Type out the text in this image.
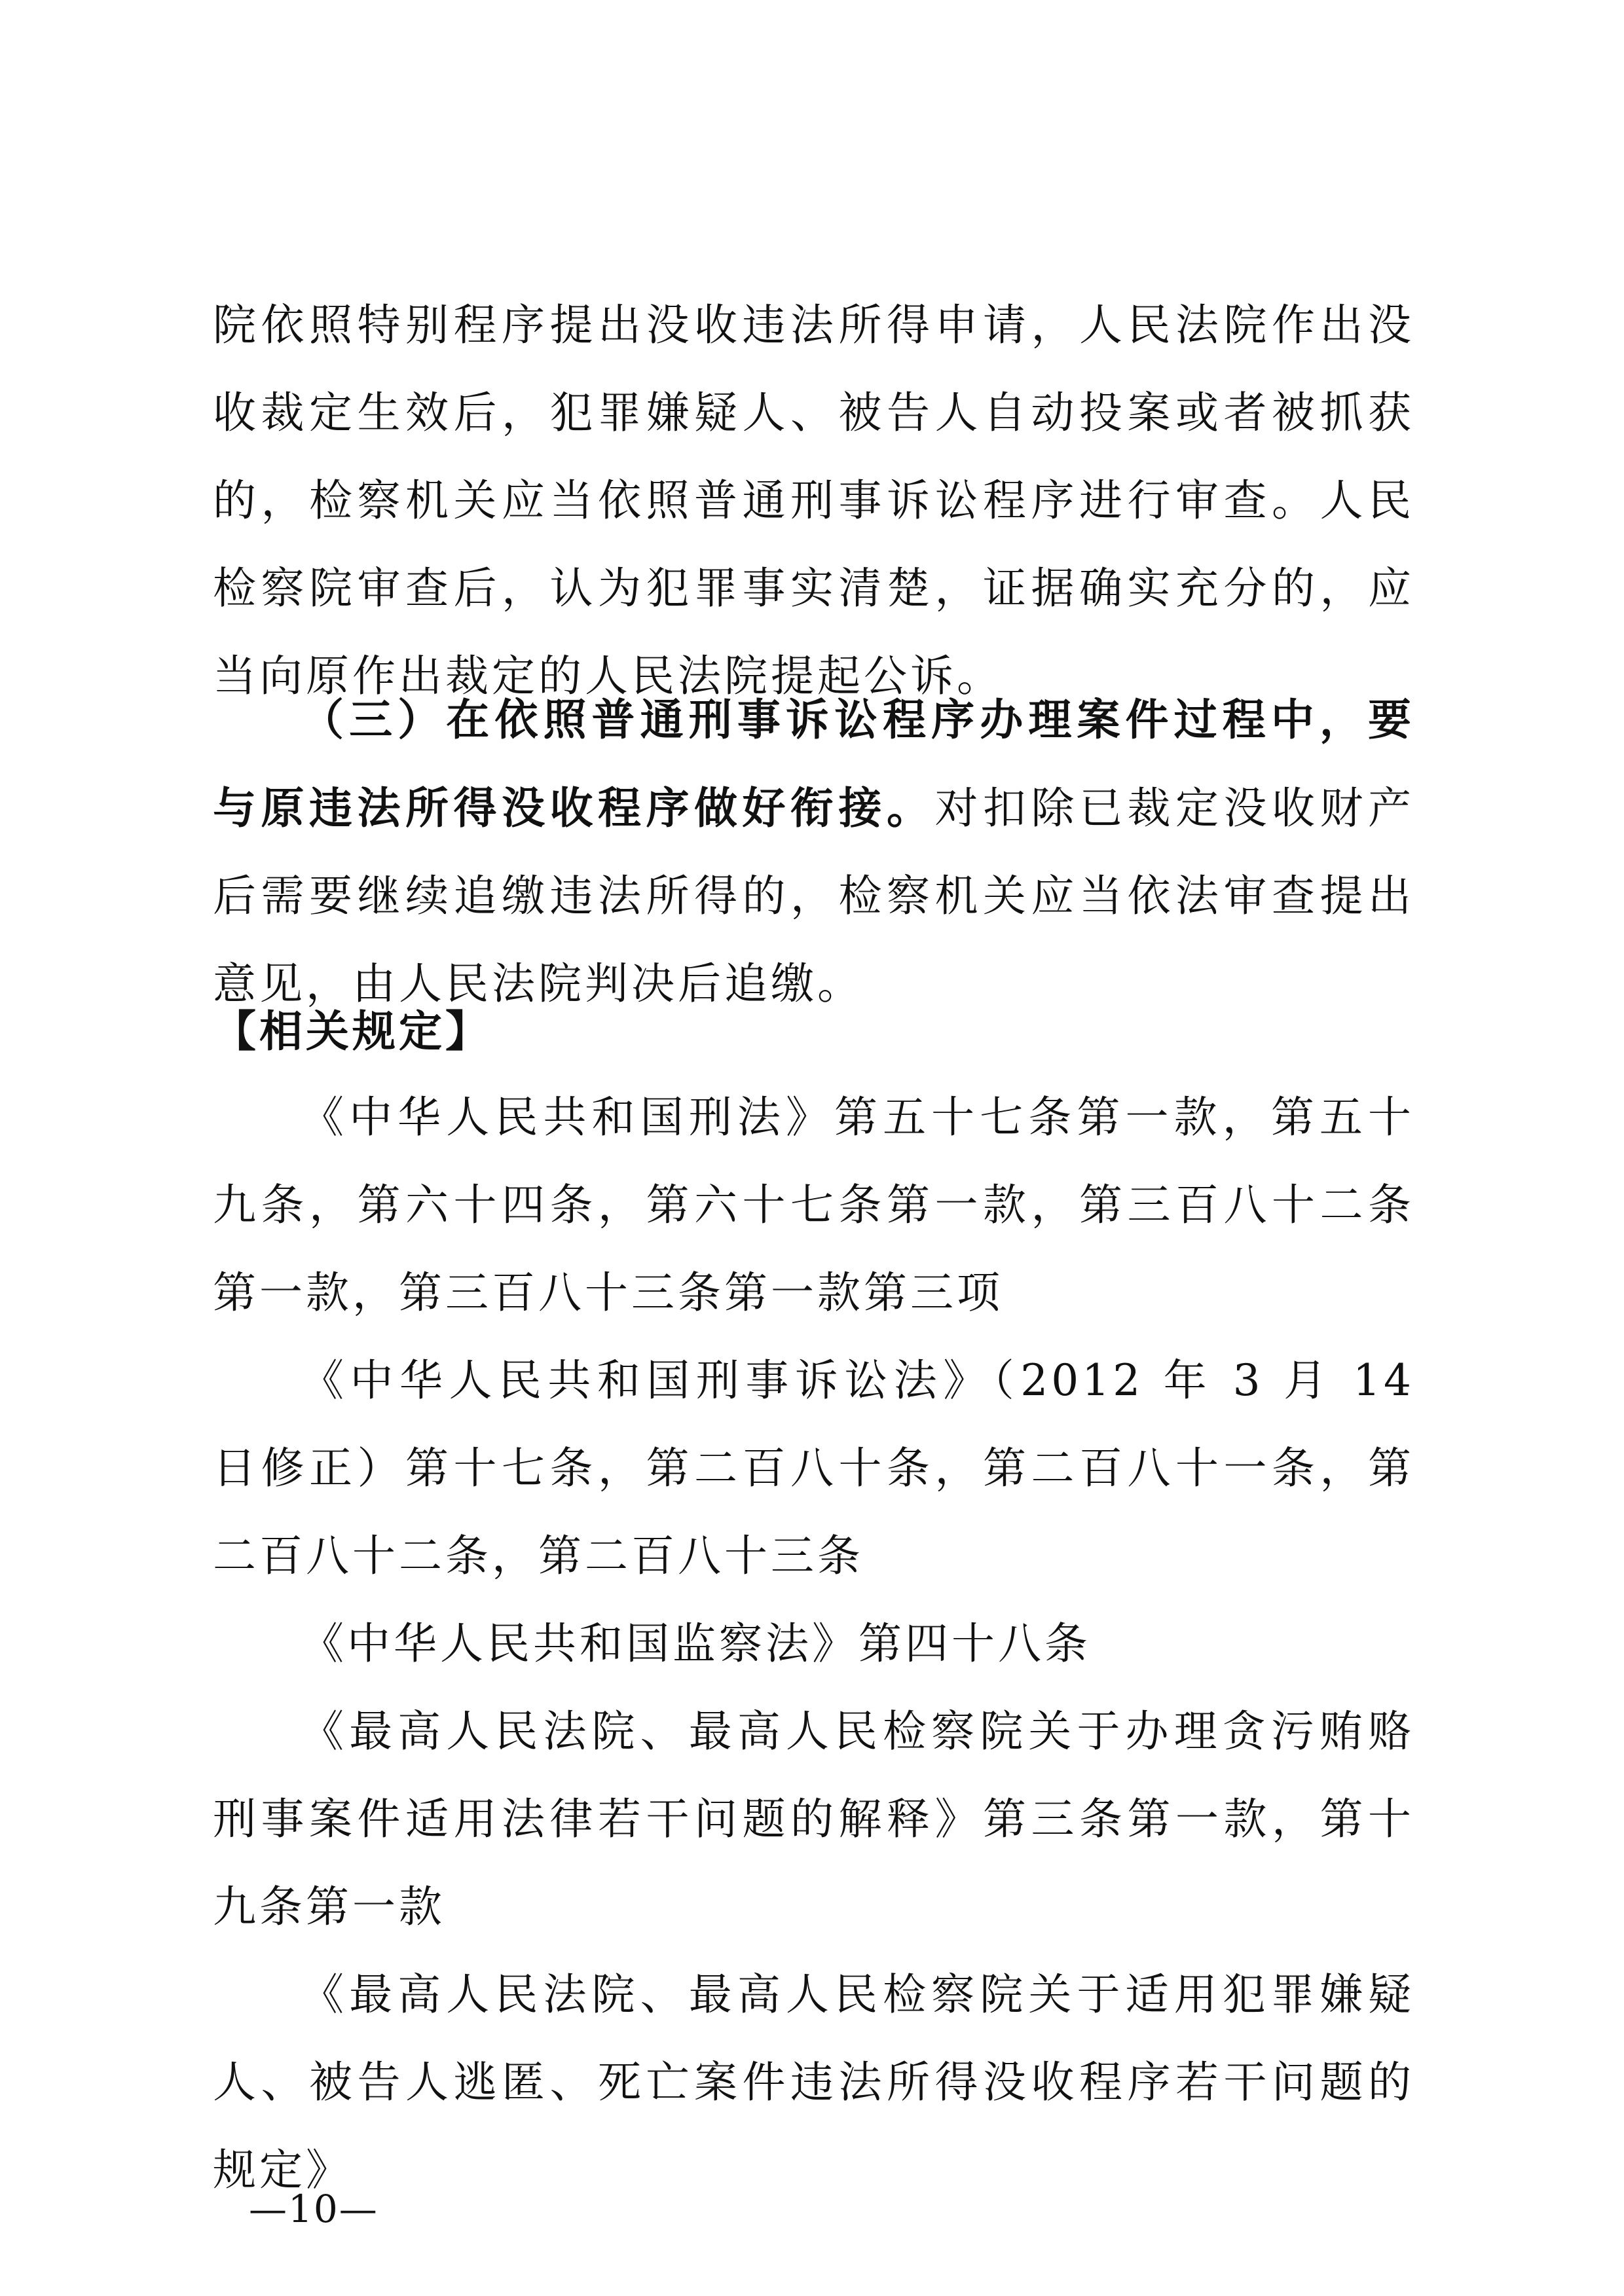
院依照特别程序提出没收违法所得申请，人民法院作出没收裁定生效后，犯罪嫌疑人、被告人自动投案或者被抓获的，检察机关应当依照普通刑事诉讼程序进行审查。人民检察院审查后，认为犯罪事实清楚，证据确实充分的，应当向原作出裁定的人民法院提起公诉。

（三）在依照普通刑事诉讼程序办理案件过程中，要与原违法所得没收程序做好衔接。对扣除已裁定没收财产后需要继续追缴违法所得的，检察机关应当依法审查提出意见，由人民法院判决后追缴。

【相关规定】

《中华人民共和国刑法》第五十七条第一款，第五十九条，第六十四条，第六十七条第一款，第三百八十二条第一款，第三百八十三条第一款第三项

《中华人民共和国刑事诉讼法》（2012 年 3 月 14 日修正）第十七条，第二百八十条，第二百八十一条，第二百八十二条，第二百八十三条

《中华人民共和国监察法》第四十八条

《最高人民法院、最高人民检察院关于办理贪污贿赂刑事案件适用法律若干问题的解释》第三条第一款，第十九条第一款

《最高人民法院、最高人民检察院关于适用犯罪嫌疑人、被告人逃匿、死亡案件违法所得没收程序若干问题的规定》

—10—
